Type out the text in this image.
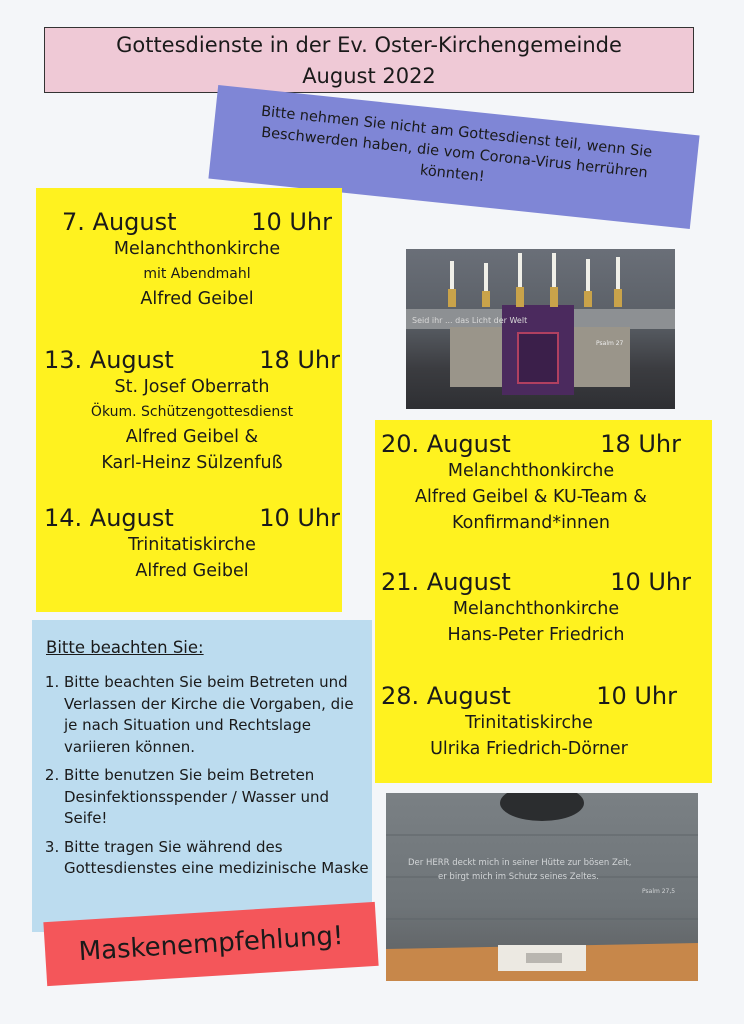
Gottesdienste in der Ev. Oster-Kirchengemeinde
August 2022
Bitte nehmen Sie nicht am Gottesdienst teil, wenn Sie Beschwerden haben, die vom Corona-Virus herrühren könnten!
7. August	10 Uhr
Melanchthonkirche
mit Abendmahl
Alfred Geibel
13. August	18 Uhr
St. Josef Oberrath
Ökum. Schützengottesdienst
Alfred Geibel &
Karl-Heinz Sülzenfuß
14. August	10 Uhr
Trinitatiskirche
Alfred Geibel
Seid ihr ... das Licht der Welt
Psalm 27
20. August	18 Uhr
Melanchthonkirche
Alfred Geibel & KU-Team &
Konfirmand*innen
21. August	10 Uhr
Melanchthonkirche
Hans-Peter Friedrich
28. August	10 Uhr
Trinitatiskirche
Ulrika Friedrich-Dörner
Bitte beachten Sie:
1. Bitte beachten Sie beim Betreten und Verlassen der Kirche die Vorgaben, die je nach Situation und Rechtslage variieren können.
2. Bitte benutzen Sie beim Betreten Desinfektionsspender / Wasser und Seife!
3. Bitte tragen Sie während des Gottesdienstes eine medizinische Maske
Maskenempfehlung!
Der HERR deckt mich in seiner Hütte zur bösen Zeit,
er birgt mich im Schutz seines Zeltes.
Psalm 27,5
